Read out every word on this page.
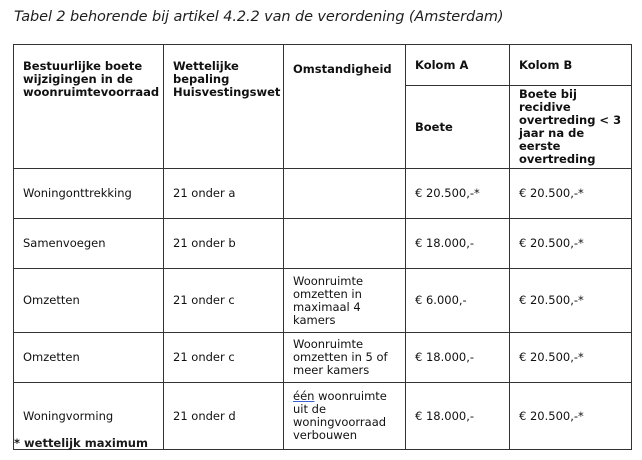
Tabel 2 behorende bij artikel 4.2.2 van de verordening (Amsterdam)
Bestuurlijke boete wijzigingen in de woonruimtevoorraad	Wettelijke bepaling Huisvestingswet	Omstandigheid	Kolom A	Kolom B
			Boete	Boete bij recidive overtreding < 3 jaar na de eerste overtreding
Woningonttrekking	21 onder a		€ 20.500,-*	€ 20.500,-*
Samenvoegen	21 onder b		€ 18.000,-	€ 20.500,-*
Omzetten	21 onder c	Woonruimte omzetten in maximaal 4 kamers	€ 6.000,-	€ 20.500,-*
Omzetten	21 onder c	Woonruimte omzetten in 5 of meer kamers	€ 18.000,-	€ 20.500,-*
Woningvorming	21 onder d	één woonruimte uit de woningvoorraad verbouwen	€ 18.000,-	€ 20.500,-*
* wettelijk maximum
